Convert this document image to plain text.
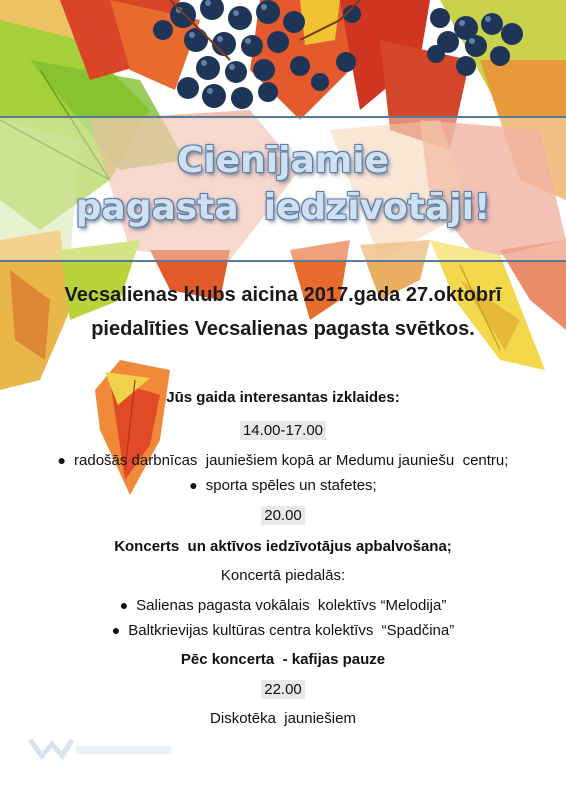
Cienījamie
pagasta  iedzīvotāji!
Vecsalienas klubs aicina 2017.gada 27.oktobrī
piedalīties Vecsalienas pagasta svētkos.
Jūs gaida interesantas izklaides:
14.00-17.00
● radošās darbnīcas  jauniešiem kopā ar Medumu jauniešu  centru;
● sporta spēles un stafetes;
20.00
Koncerts  un aktīvos iedzīvotājus apbalvošana;
Koncertā piedalās:
● Salienas pagasta vokālais  kolektīvs “Melodija”
● Baltkrievijas kultūras centra kolektīvs  “Spadčina”
Pēc koncerta  - kafijas pauze
22.00
Diskotēka  jauniešiem
